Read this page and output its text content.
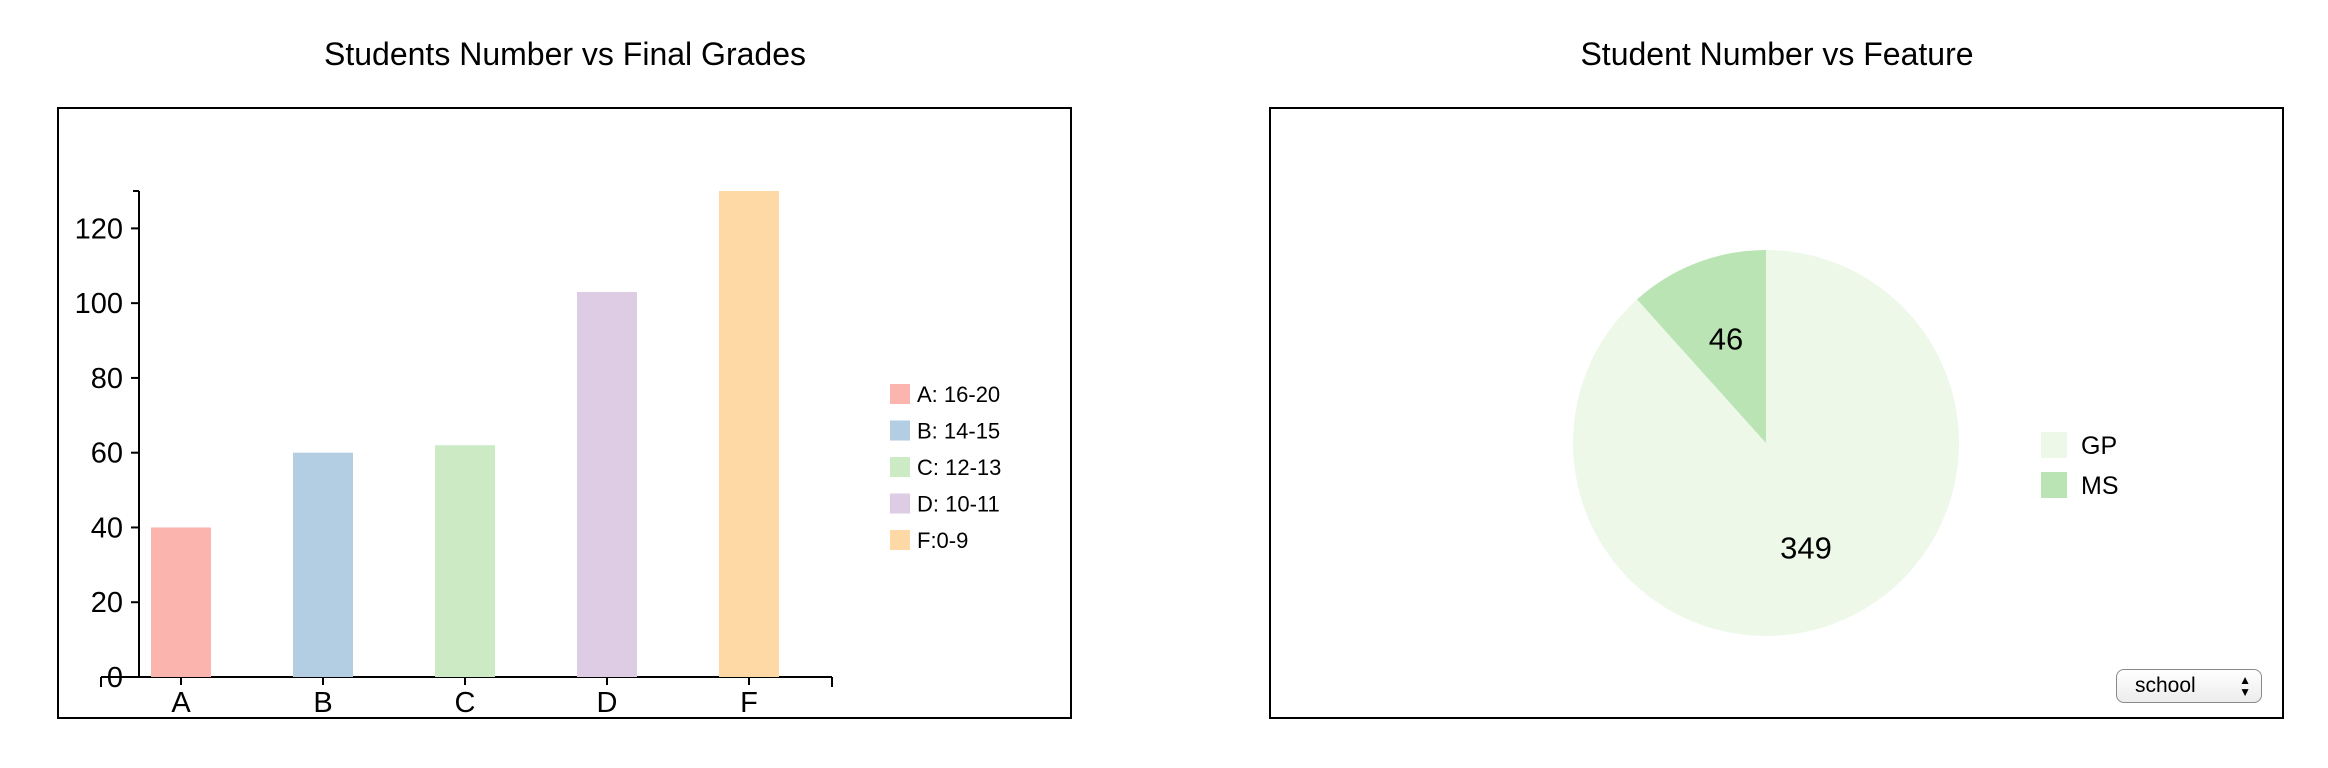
Students Number vs Final Grades	Student Number vs Feature
0
20
40
60
80
100
120
A	B	C	D	F
A: 16-20
B: 14-15
C: 12-13
D: 10-11
F:0-9	349
46
GP
MS
school	▲
▼
